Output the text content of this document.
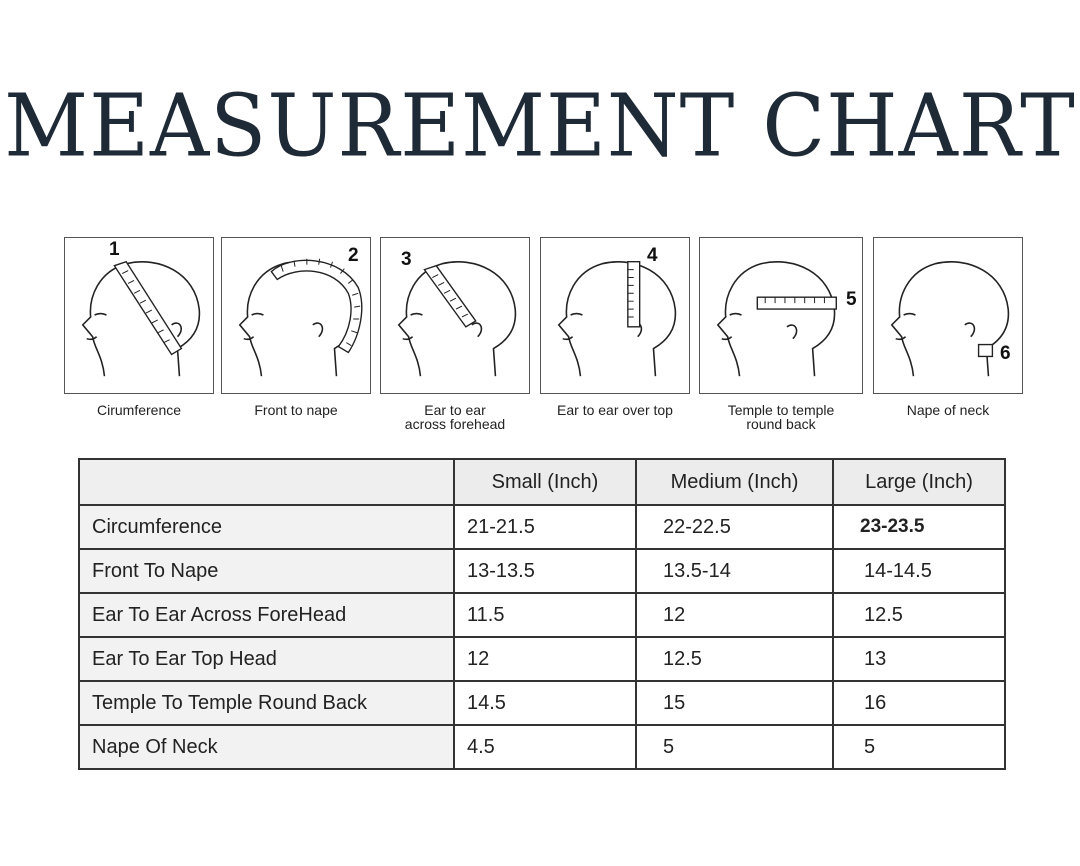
MEASUREMENT CHART
1	2 3	4
5
6
Cirumference	Front to nape	Ear to ear
across forehead
Ear to ear over top	Temple to temple
round back
Nape of neck
	Small (Inch)	Medium (Inch)	Large (Inch)
Circumference	21-21.5	22-22.5	23-23.5
Front To Nape	13-13.5	13.5-14	14-14.5
Ear To Ear Across ForeHead	11.5	12	12.5
Ear To Ear Top Head	12	12.5	13
Temple To Temple Round Back	14.5	15	16
Nape Of Neck	4.5	5	5
